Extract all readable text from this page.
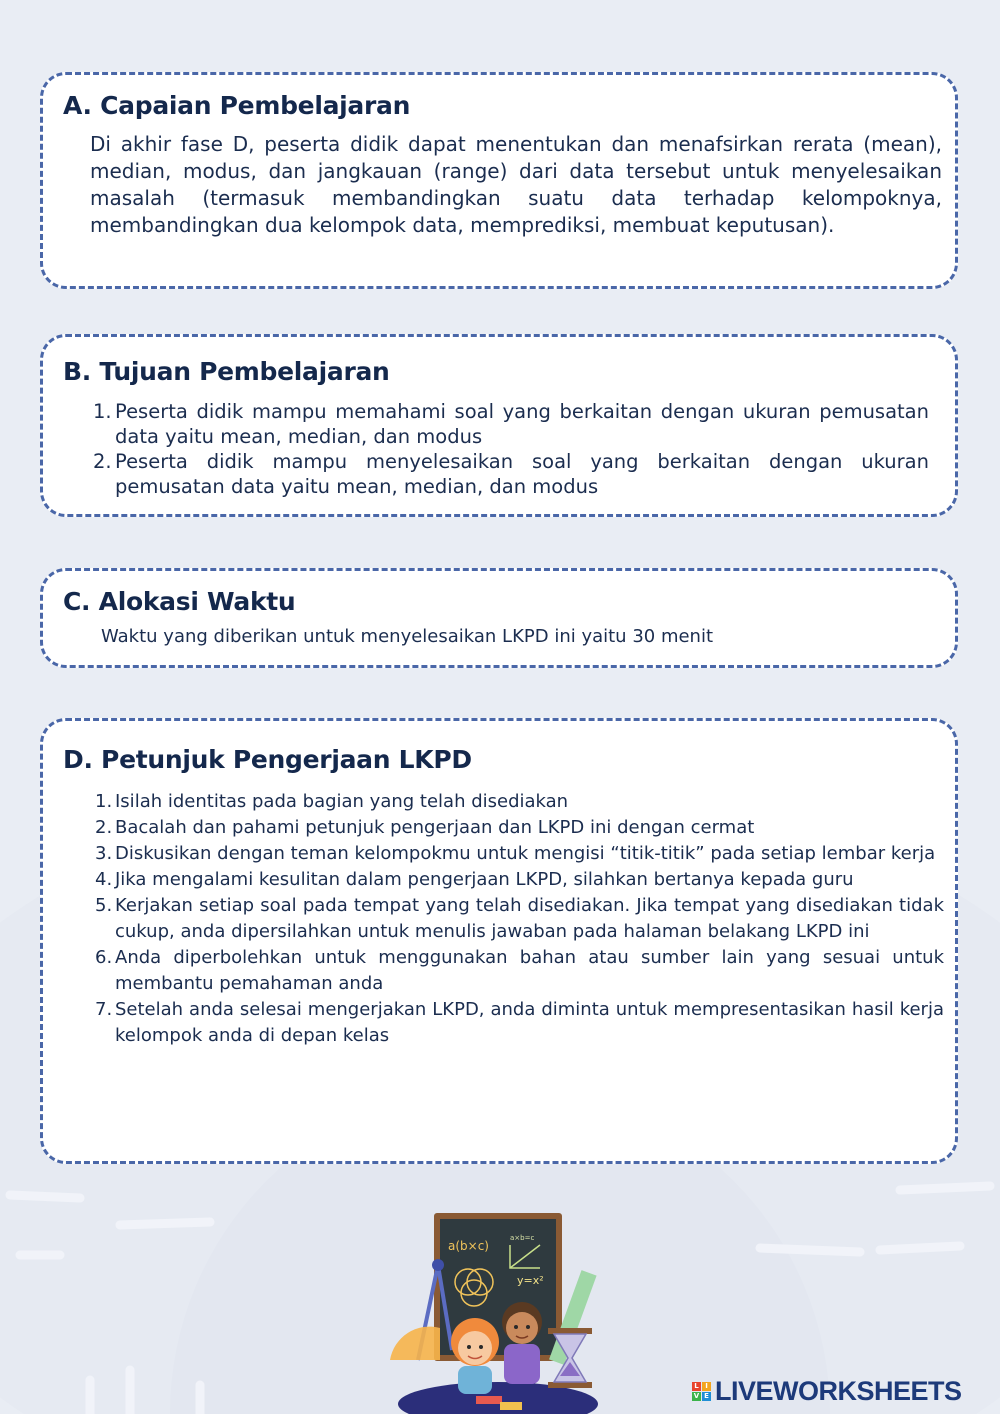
A. Capaian Pembelajaran

Di akhir fase D, peserta didik dapat menentukan dan menafsirkan rerata (mean), median, modus, dan jangkauan (range) dari data tersebut untuk menyelesaikan masalah (termasuk membandingkan suatu data terhadap kelompoknya, membandingkan dua kelompok data, memprediksi, membuat keputusan).

B. Tujuan Pembelajaran
1. Peserta didik mampu memahami soal yang berkaitan dengan ukuran pemusatan data yaitu mean, median, dan modus
2. Peserta didik mampu menyelesaikan soal yang berkaitan dengan ukuran pemusatan data yaitu mean, median, dan modus
C. Alokasi Waktu

Waktu yang diberikan untuk menyelesaikan LKPD ini yaitu 30 menit

D. Petunjuk Pengerjaan LKPD
1. Isilah identitas pada bagian yang telah disediakan
2. Bacalah dan pahami petunjuk pengerjaan dan LKPD ini dengan cermat
3. Diskusikan dengan teman kelompokmu untuk mengisi “titik-titik” pada setiap lembar kerja
4. Jika mengalami kesulitan dalam pengerjaan LKPD, silahkan bertanya kepada guru
5. Kerjakan setiap soal pada tempat yang telah disediakan. Jika tempat yang disediakan tidak cukup, anda dipersilahkan untuk menulis jawaban pada halaman belakang LKPD ini
6. Anda diperbolehkan untuk menggunakan bahan atau sumber lain yang sesuai untuk membantu pemahaman anda
7. Setelah anda selesai mengerjakan LKPD, anda diminta untuk mempresentasikan hasil kerja kelompok anda di depan kelas
a(b×c)
a×b=c
y=x²
L I
V E LIVEWORKSHEETS
